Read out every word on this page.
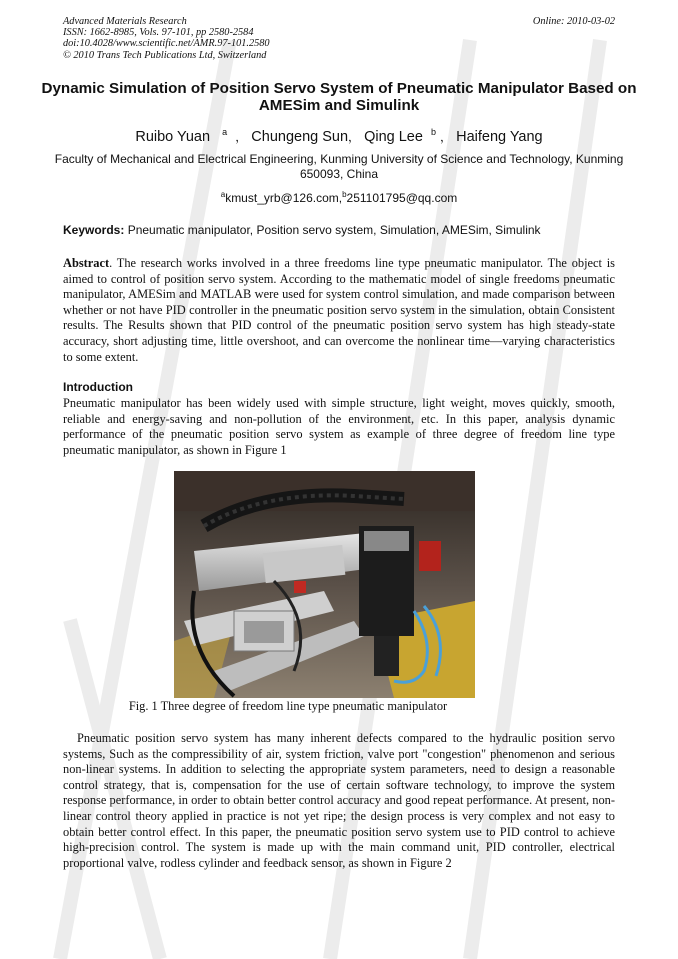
Advanced Materials Research
ISSN: 1662-8985, Vols. 97-101, pp 2580-2584
doi:10.4028/www.scientific.net/AMR.97-101.2580
© 2010 Trans Tech Publications Ltd, Switzerland
Online: 2010-03-02
Dynamic Simulation of Position Servo System of Pneumatic Manipulator Based on AMESim and Simulink
Ruibo Yuan $^a$ ， Chungeng Sun， Qing Lee $^b$ ， Haifeng Yang
Faculty of Mechanical and Electrical Engineering, Kunming University of Science and Technology, Kunming 650093, China
$^a$kmust_yrb@126.com,$^b$251101795@qq.com
Keywords: Pneumatic manipulator, Position servo system, Simulation, AMESim, Simulink
Abstract. The research works involved in a three freedoms line type pneumatic manipulator. The object is aimed to control of position servo system. According to the mathematic model of single freedoms pneumatic manipulator, AMESim and MATLAB were used for system control simulation, and made comparison between whether or not have PID controller in the pneumatic position servo system in the simulation, obtain Consistent results. The Results shown that PID control of the pneumatic position servo system has high steady-state accuracy, short adjusting time, little overshoot, and can overcome the nonlinear time—varying characteristics to some extent.
Introduction
Pneumatic manipulator has been widely used with simple structure, light weight, moves quickly, smooth, reliable and energy-saving and non-pollution of the environment, etc. In this paper, analysis dynamic performance of the pneumatic position servo system as example of three degree of freedom line type pneumatic manipulator, as shown in Figure 1
Fig. 1 Three degree of freedom line type pneumatic manipulator
Pneumatic position servo system has many inherent defects compared to the hydraulic position servo systems, Such as the compressibility of air, system friction, valve port "congestion" phenomenon and serious non-linear systems. In addition to selecting the appropriate system parameters, need to design a reasonable control strategy, that is, compensation for the use of certain software technology, to improve the system response performance, in order to obtain better control accuracy and good repeat performance. At present, non-linear control theory applied in practice is not yet ripe; the design process is very complex and not easy to obtain better control effect. In this paper, the pneumatic position servo system use to PID control to achieve high-precision control. The system is made up with the main command unit, PID controller, electrical proportional valve, rodless cylinder and feedback sensor, as shown in Figure 2
